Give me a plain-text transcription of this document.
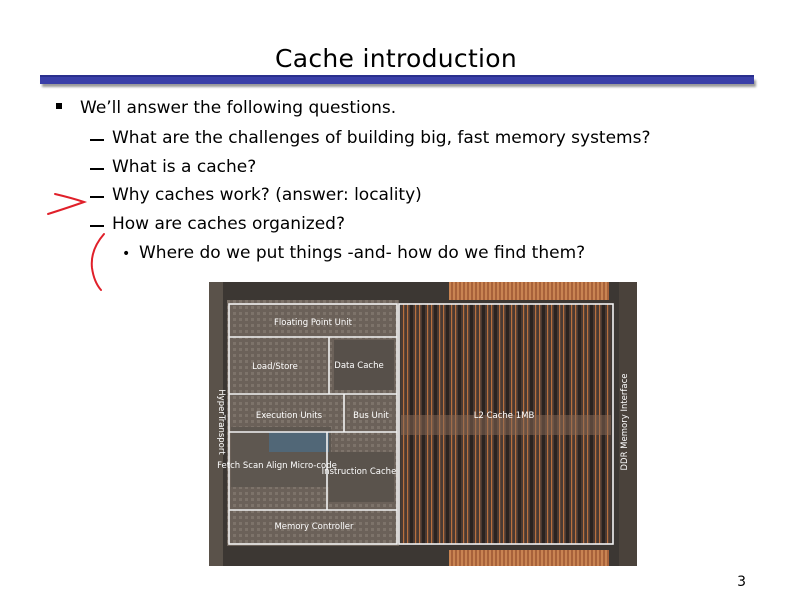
Cache introduction
We’ll answer the following questions.
What are the challenges of building big, fast memory systems?
What is a cache?
Why caches work? (answer: locality)
How are caches organized?
• Where do we put things -and- how do we find them?
Floating Point Unit
Load/Store	Data Cache
Execution Units	Bus Unit	L2 Cache 1MB
Fetch Scan Align Micro-code
Instruction Cache
Memory Controller
HyperTransport	DDR Memory Interface
3
